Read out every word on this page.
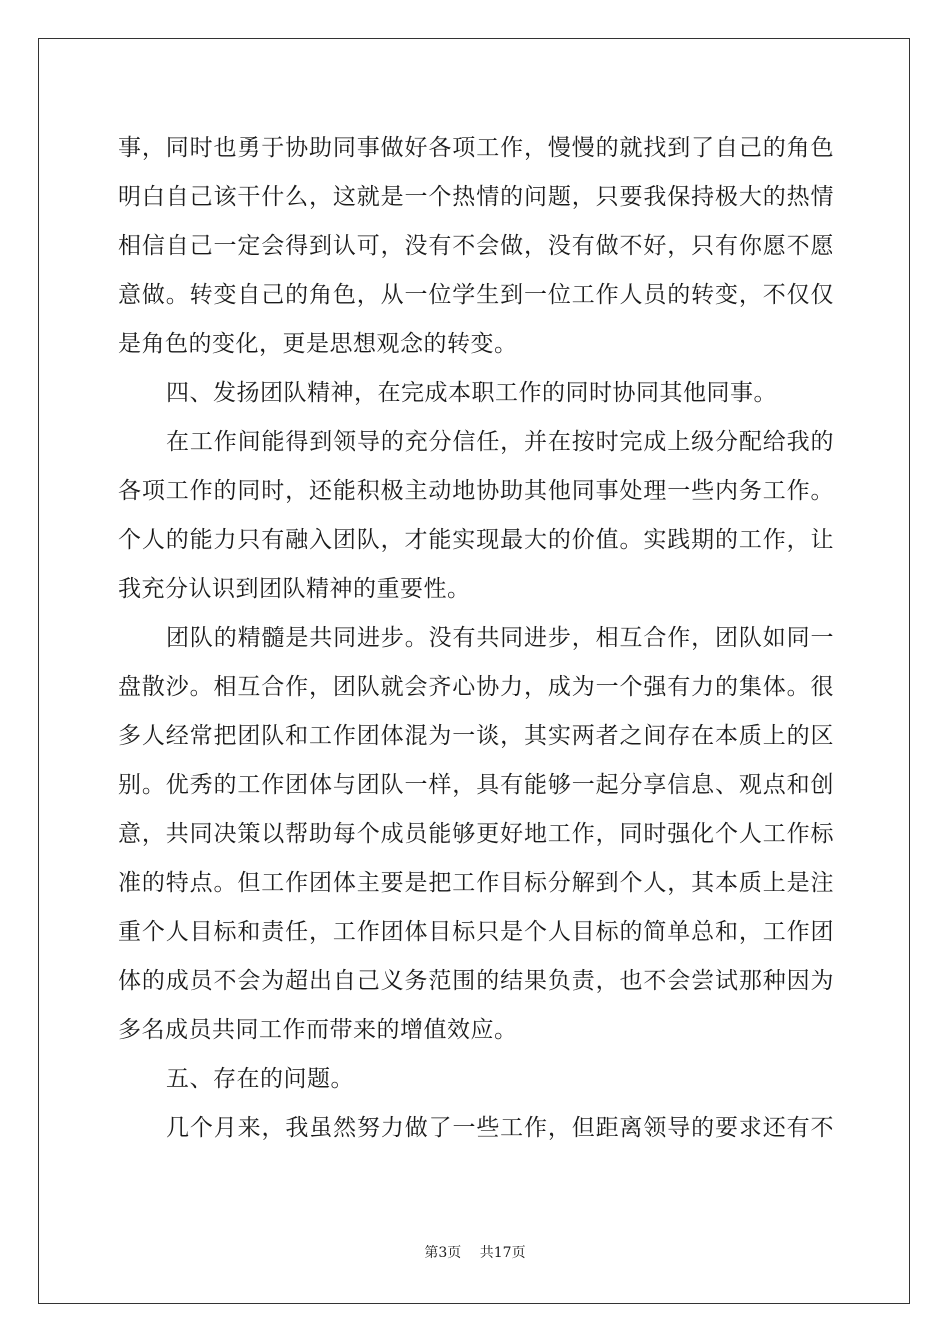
事，同时也勇于协助同事做好各项工作，慢慢的就找到了自己的角色
明白自己该干什么，这就是一个热情的问题，只要我保持极大的热情
相信自己一定会得到认可，没有不会做，没有做不好，只有你愿不愿
意做。转变自己的角色，从一位学生到一位工作人员的转变，不仅仅
是角色的变化，更是思想观念的转变。
四、发扬团队精神，在完成本职工作的同时协同其他同事。
在工作间能得到领导的充分信任，并在按时完成上级分配给我的
各项工作的同时，还能积极主动地协助其他同事处理一些内务工作。
个人的能力只有融入团队，才能实现最大的价值。实践期的工作，让
我充分认识到团队精神的重要性。
团队的精髓是共同进步。没有共同进步，相互合作，团队如同一
盘散沙。相互合作，团队就会齐心协力，成为一个强有力的集体。很
多人经常把团队和工作团体混为一谈，其实两者之间存在本质上的区
别。优秀的工作团体与团队一样，具有能够一起分享信息、观点和创
意，共同决策以帮助每个成员能够更好地工作，同时强化个人工作标
准的特点。但工作团体主要是把工作目标分解到个人，其本质上是注
重个人目标和责任，工作团体目标只是个人目标的简单总和，工作团
体的成员不会为超出自己义务范围的结果负责，也不会尝试那种因为
多名成员共同工作而带来的增值效应。
五、存在的问题。
几个月来，我虽然努力做了一些工作，但距离领导的要求还有不
第3页 共17页
